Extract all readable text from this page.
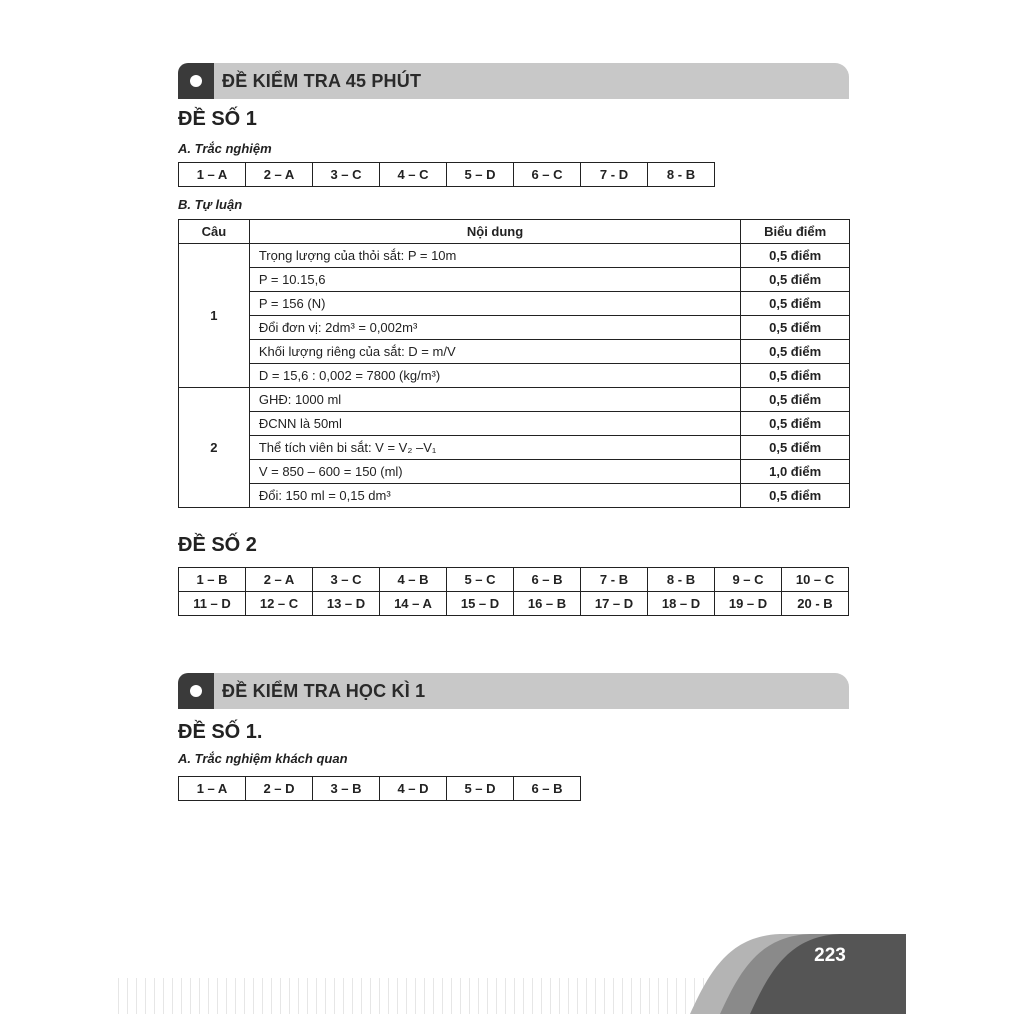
ĐỀ KIỂM TRA 45 PHÚT
ĐỀ SỐ 1
A. Trắc nghiệm
1 – A	2 – A	3 – C	4 – C	5 – D	6 – C	7 - D	8 - B
B. Tự luận
Câu	Nội dung	Biểu điểm
1	Trọng lượng của thỏi sắt: P = 10m	0,5 điểm
	P = 10.15,6	0,5 điểm
	P = 156 (N)	0,5 điểm
	Đổi đơn vị: 2dm³ = 0,002m³	0,5 điểm
	Khối lượng riêng của sắt: D = m/V	0,5 điểm
	D = 15,6 : 0,002 = 7800 (kg/m³)	0,5 điểm
2	GHĐ: 1000 ml	0,5 điểm
	ĐCNN là 50ml	0,5 điểm
	Thể tích viên bi sắt: V = V₂ –V₁	0,5 điểm
	V = 850 – 600 = 150 (ml)	1,0 điểm
	Đổi: 150 ml = 0,15 dm³	0,5 điểm
ĐỀ SỐ 2
1 – B	2 – A	3 – C	4 – B	5 – C	6 – B	7 - B	8 - B	9 – C	10 – C
11 – D	12 – C	13 – D	14 – A	15 – D	16 – B	17 – D	18 – D	19 – D	20 - B
ĐỀ KIỂM TRA HỌC KÌ 1
ĐỀ SỐ 1.
A. Trắc nghiệm khách quan
1 – A	2 – D	3 – B	4 – D	5 – D	6 – B
223
